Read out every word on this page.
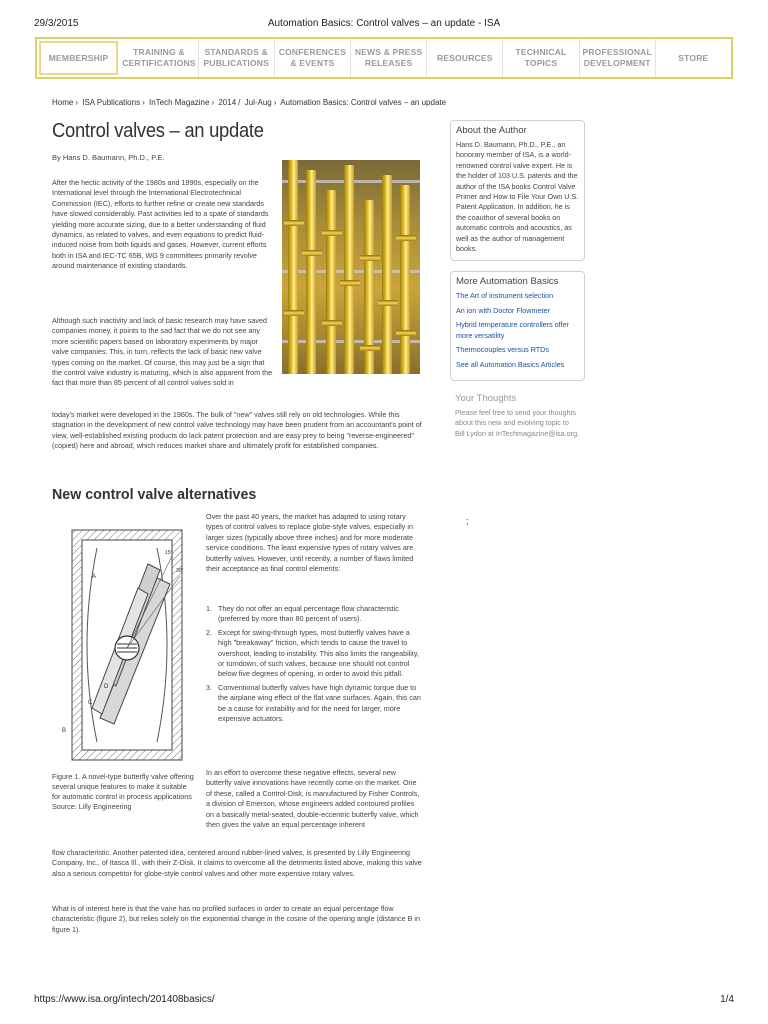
29/3/2015	Automation Basics: Control valves – an update - ISA
MEMBERSHIP
TRAINING & CERTIFICATIONS
STANDARDS & PUBLICATIONS
CONFERENCES & EVENTS
NEWS & PRESS RELEASES
RESOURCES
TECHNICAL TOPICS
PROFESSIONAL DEVELOPMENT
STORE
Home › ISA Publications › InTech Magazine › 2014 / Jul-Aug › Automation Basics: Control valves – an update
Control valves – an update
By Hans D. Baumann, Ph.D., P.E.

After the hectic activity of the 1980s and 1990s, especially on the International level through the International Electrotechnical Commission (IEC), efforts to further refine or create new standards have slowed considerably. Past activities led to a spate of standards yielding more accurate sizing, due to a better understanding of fluid dynamics, as related to valves, and even equations to predict fluid-induced noise from both liquids and gases. However, current efforts both in ISA and IEC-TC 65B, WG 9 committees primarily revolve around maintenance of existing standards.

Although such inactivity and lack of basic research may have saved companies money, it points to the sad fact that we do not see any more scientific papers based on laboratory experiments by major valve companies. This, in turn, reflects the lack of basic new valve types coming on the market. Of course, this may just be a sign that the control valve industry is maturing, which is also apparent from the fact that more than 85 percent of all control valves sold in

today's market were developed in the 1960s. The bulk of "new" valves still rely on old technologies. While this stagnation in the development of new control valve technology may have been prudent from an accountant's point of view, well-established existing products do lack patent protection and are easy prey to being "reverse-engineered" (copied) here and abroad, which reduces market share and ultimately profit for established companies.

New control valve alternatives
A
B
C
D
15°
30°

Figure 1. A novel-type butterfly valve offering several unique features to make it suitable for automatic control in process applications Source: Lilly Engineering

Over the past 40 years, the market has adapted to using rotary types of control valves to replace globe-style valves, especially in larger sizes (typically above three inches) and for more moderate service conditions. The least expensive types of rotary valves are butterfly valves. However, until recently, a number of flaws limited their acceptance as final control elements:

1. They do not offer an equal percentage flow characteristic (preferred by more than 80 percent of users).
2. Except for swing-through types, most butterfly valves have a high "breakaway" friction, which tends to cause the travel to overshoot, leading to instability. This also limits the rangeability, or turndown, of such valves, because one should not control below five degrees of opening, in order to avoid this pitfall.
3. Conventional butterfly valves have high dynamic torque due to the airplane wing effect of the flat vane surfaces. Again, this can be a cause for instability and for the need for larger, more expensive actuators.

In an effort to overcome these negative effects, several new butterfly valve innovations have recently come on the market. One of these, called a Control-Disk, is manufactured by Fisher Controls, a division of Emerson, whose engineers added contoured profiles on a basically metal-seated, double-eccentric butterfly valve, which then gives the valve an equal percentage inherent

flow characteristic. Another patented idea, centered around rubber-lined valves, is presented by Lilly Engineering Company, Inc., of Itasca Ill., with their Z-Disk. It claims to overcome all the detriments listed above, making this valve also a serious competitor for globe-style control valves and other more expensive rotary valves.

What is of interest here is that the vane has no profiled surfaces in order to create an equal percentage flow characteristic (figure 2), but relies solely on the exponential change in the cosine of the opening angle (distance B in figure 1).

About the Author

Hans D. Baumann, Ph.D., P.E., an honorary member of ISA, is a world-renowned control valve expert. He is the holder of 103 U.S. patents and the author of the ISA books Control Valve Primer and How to File Your Own U.S. Patent Application. In addition, he is the coauthor of several books on automatic controls and acoustics, as well as the author of management books.

More Automation Basics
The Art of instrument selection
An ion with Doctor Flowmeter
Hybrid temperature controllers offer more versatility
Thermocouples versus RTDs
See all Automation Basics Articles
Your Thoughts

Please feel free to send your thoughts about this new and evolving topic to Bill Lydon at InTechmagazine@isa.org.

;
https://www.isa.org/intech/201408basics/	1/4
